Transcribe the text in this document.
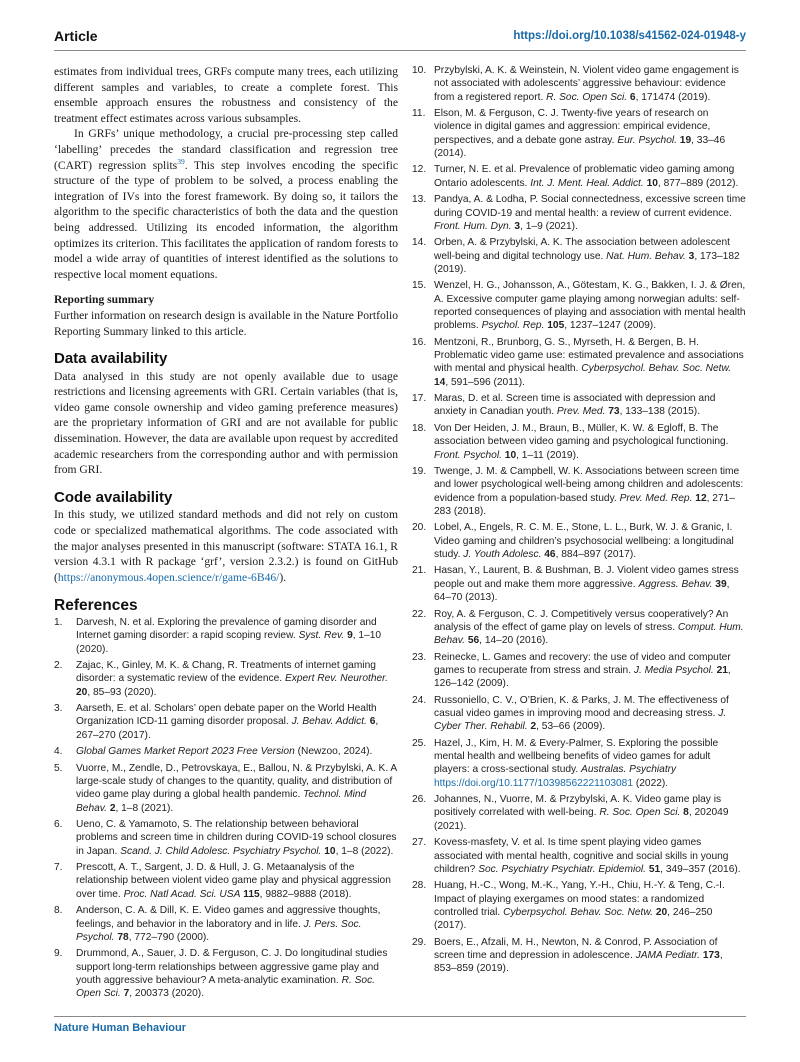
Article	https://doi.org/10.1038/s41562-024-01948-y

estimates from individual trees, GRFs compute many trees, each utilizing different samples and variables, to create a complete forest. This ensemble approach ensures the robustness and consistency of the treatment effect estimates across various subsamples.

In GRFs’ unique methodology, a crucial pre-processing step called ‘labelling’ precedes the standard classification and regression tree (CART) regression splits$^{39}$. This step involves encoding the specific structure of the type of problem to be solved, a process enabling the integration of IVs into the forest framework. By doing so, it tailors the algorithm to the specific characteristics of both the data and the question being addressed. Utilizing its encoded information, the algorithm optimizes its criterion. This facilitates the application of random forests to model a wide array of quantities of interest identified as the solutions to respective local moment equations.

Reporting summary

Further information on research design is available in the Nature Portfolio Reporting Summary linked to this article.

Data availability

Data analysed in this study are not openly available due to usage restrictions and licensing agreements with GRI. Certain variables (that is, video game console ownership and video gaming preference measures) are the proprietary information of GRI and are not available for public dissemination. However, the data are available upon request by accredited academic researchers from the corresponding author and with permission from GRI.

Code availability

In this study, we utilized standard methods and did not rely on custom code or specialized mathematical algorithms. The code associated with the major analyses presented in this manuscript (software: STATA 16.1, R version 4.3.1 with R package ‘grf’, version 2.3.2.) is found on GitHub (https://anonymous.4open.science/r/game-6B46/).

References
1.	Darvesh, N. et al. Exploring the prevalence of gaming disorder and Internet gaming disorder: a rapid scoping review. Syst. Rev. 9, 1–10 (2020).
2.	Zajac, K., Ginley, M. K. & Chang, R. Treatments of internet gaming disorder: a systematic review of the evidence. Expert Rev. Neurother. 20, 85–93 (2020).
3.	Aarseth, E. et al. Scholars’ open debate paper on the World Health Organization ICD-11 gaming disorder proposal. J. Behav. Addict. 6, 267–270 (2017).
4.	Global Games Market Report 2023 Free Version (Newzoo, 2024).
5.	Vuorre, M., Zendle, D., Petrovskaya, E., Ballou, N. & Przybylski, A. K. A large-scale study of changes to the quantity, quality, and distribution of video game play during a global health pandemic. Technol. Mind Behav. 2, 1–8 (2021).
6.	Ueno, C. & Yamamoto, S. The relationship between behavioral problems and screen time in children during COVID-19 school closures in Japan. Scand. J. Child Adolesc. Psychiatry Psychol. 10, 1–8 (2022).
7.	Prescott, A. T., Sargent, J. D. & Hull, J. G. Metaanalysis of the relationship between violent video game play and physical aggression over time. Proc. Natl Acad. Sci. USA 115, 9882–9888 (2018).
8.	Anderson, C. A. & Dill, K. E. Video games and aggressive thoughts, feelings, and behavior in the laboratory and in life. J. Pers. Soc. Psychol. 78, 772–790 (2000).
9.	Drummond, A., Sauer, J. D. & Ferguson, C. J. Do longitudinal studies support long-term relationships between aggressive game play and youth aggressive behaviour? A meta-analytic examination. R. Soc. Open Sci. 7, 200373 (2020).
10. Przybylski, A. K. & Weinstein, N. Violent video game engagement is not associated with adolescents’ aggressive behaviour: evidence from a registered report. R. Soc. Open Sci. 6, 171474 (2019).
11. Elson, M. & Ferguson, C. J. Twenty-five years of research on violence in digital games and aggression: empirical evidence, perspectives, and a debate gone astray. Eur. Psychol. 19, 33–46 (2014).
12. Turner, N. E. et al. Prevalence of problematic video gaming among Ontario adolescents. Int. J. Ment. Heal. Addict. 10, 877–889 (2012).
13. Pandya, A. & Lodha, P. Social connectedness, excessive screen time during COVID-19 and mental health: a review of current evidence. Front. Hum. Dyn. 3, 1–9 (2021).
14. Orben, A. & Przybylski, A. K. The association between adolescent well-being and digital technology use. Nat. Hum. Behav. 3, 173–182 (2019).
15. Wenzel, H. G., Johansson, A., Götestam, K. G., Bakken, I. J. & Øren, A. Excessive computer game playing among norwegian adults: self-reported consequences of playing and association with mental health problems. Psychol. Rep. 105, 1237–1247 (2009).
16. Mentzoni, R., Brunborg, G. S., Myrseth, H. & Bergen, B. H. Problematic video game use: estimated prevalence and associations with mental and physical health. Cyberpsychol. Behav. Soc. Netw. 14, 591–596 (2011).
17. Maras, D. et al. Screen time is associated with depression and anxiety in Canadian youth. Prev. Med. 73, 133–138 (2015).
18. Von Der Heiden, J. M., Braun, B., Müller, K. W. & Egloff, B. The association between video gaming and psychological functioning. Front. Psychol. 10, 1–11 (2019).
19. Twenge, J. M. & Campbell, W. K. Associations between screen time and lower psychological well-being among children and adolescents: evidence from a population-based study. Prev. Med. Rep. 12, 271–283 (2018).
20. Lobel, A., Engels, R. C. M. E., Stone, L. L., Burk, W. J. & Granic, I. Video gaming and children’s psychosocial wellbeing: a longitudinal study. J. Youth Adolesc. 46, 884–897 (2017).
21. Hasan, Y., Laurent, B. & Bushman, B. J. Violent video games stress people out and make them more aggressive. Aggress. Behav. 39, 64–70 (2013).
22. Roy, A. & Ferguson, C. J. Competitively versus cooperatively? An analysis of the effect of game play on levels of stress. Comput. Hum. Behav. 56, 14–20 (2016).
23. Reinecke, L. Games and recovery: the use of video and computer games to recuperate from stress and strain. J. Media Psychol. 21, 126–142 (2009).
24. Russoniello, C. V., O’Brien, K. & Parks, J. M. The effectiveness of casual video games in improving mood and decreasing stress. J. Cyber Ther. Rehabil. 2, 53–66 (2009).
25. Hazel, J., Kim, H. M. & Every-Palmer, S. Exploring the possible mental health and wellbeing benefits of video games for adult players: a cross-sectional study. Australas. Psychiatry https://doi.org/10.1177/10398562221103081 (2022).
26. Johannes, N., Vuorre, M. & Przybylski, A. K. Video game play is positively correlated with well-being. R. Soc. Open Sci. 8, 202049 (2021).
27. Kovess-masfety, V. et al. Is time spent playing video games associated with mental health, cognitive and social skills in young children? Soc. Psychiatry Psychiatr. Epidemiol. 51, 349–357 (2016).
28. Huang, H.-C., Wong, M.-K., Yang, Y.-H., Chiu, H.-Y. & Teng, C.-I. Impact of playing exergames on mood states: a randomized controlled trial. Cyberpsychol. Behav. Soc. Netw. 20, 246–250 (2017).
29. Boers, E., Afzali, M. H., Newton, N. & Conrod, P. Association of screen time and depression in adolescence. JAMA Pediatr. 173, 853–859 (2019).
Nature Human Behaviour
